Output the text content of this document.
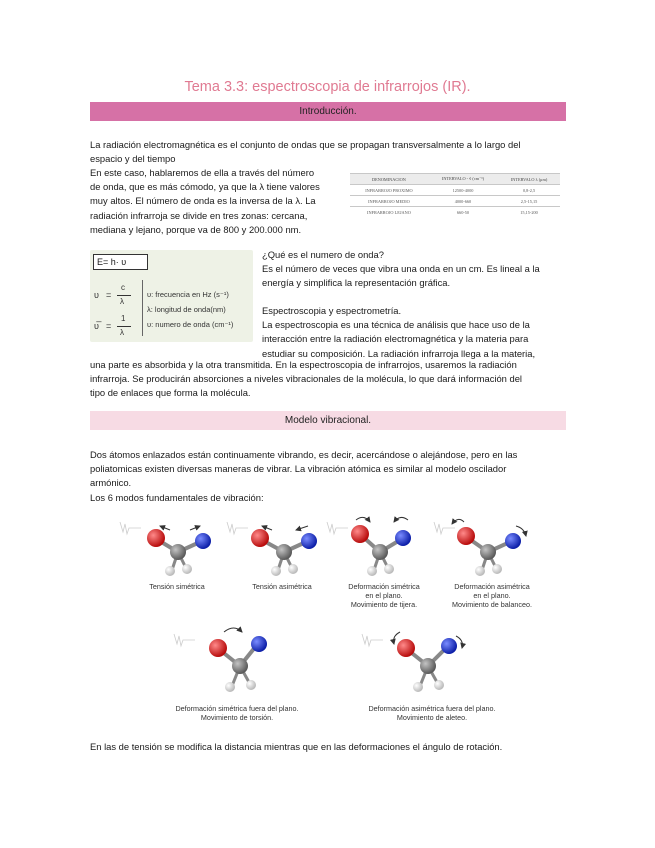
Tema 3.3: espectroscopia de infrarrojos (IR).
Introducción.
La radiación electromagnética es el conjunto de ondas que se propagan transversalmente a lo largo del
espacio y del tiempo
En este caso, hablaremos de ella a través del número
de onda, que es más cómodo, ya que la λ tiene valores
muy altos. El número de onda es la inversa de la λ. La
radiación infrarroja se divide en tres zonas: cercana,
mediana y lejano, porque va de 800 y 200.000 nm.
DENOMINACION	INTERVALO - ṽ (cm⁻¹)	INTERVALO λ (μm)
INFRARROJO PROXIMO	12500-4000	0,8-2,5
INFRARROJO MEDIO	4000-660	2,5-15,15
INFRARROJO LEJANO	660-50	15,15-200
E= h· υ
υ =
c
λ
υ̅ =
1
λ
υ: frecuencia en Hz (s⁻¹)
λ: longitud de onda(nm)
υ: numero de onda (cm⁻¹)
¿Qué es el numero de onda?
Es el número de veces que vibra una onda en un cm. Es lineal a la
energía y simplifica la representación gráfica.
Espectroscopia y espectrometría.
La espectroscopia es una técnica de análisis que hace uso de la
interacción entre la radiación electromagnética y la materia para
estudiar su composición. La radiación infrarroja llega a la materia,
una parte es absorbida y la otra transmitida. En la espectroscopia de infrarrojos, usaremos la radiación
infrarroja. Se producirán absorciones a niveles vibracionales de la molécula, lo que dará información del
tipo de enlaces que forma la molécula.
Modelo vibracional.
Dos átomos enlazados están continuamente vibrando, es decir, acercándose o alejándose, pero en las
poliatomicas existen diversas maneras de vibrar. La vibración atómica es similar al modelo oscilador
armónico.
Los 6 modos fundamentales de vibración:
Tensión simétrica	Tensión asimétrica	Deformación simétrica
en el plano.
Movimiento de tijera.
Deformación asimétrica
en el plano.
Movimiento de balanceo.
Deformación simétrica fuera del plano.
Movimiento de torsión.
Deformación asimétrica fuera del plano.
Movimiento de aleteo.
En las de tensión se modifica la distancia mientras que en las deformaciones el ángulo de rotación.
